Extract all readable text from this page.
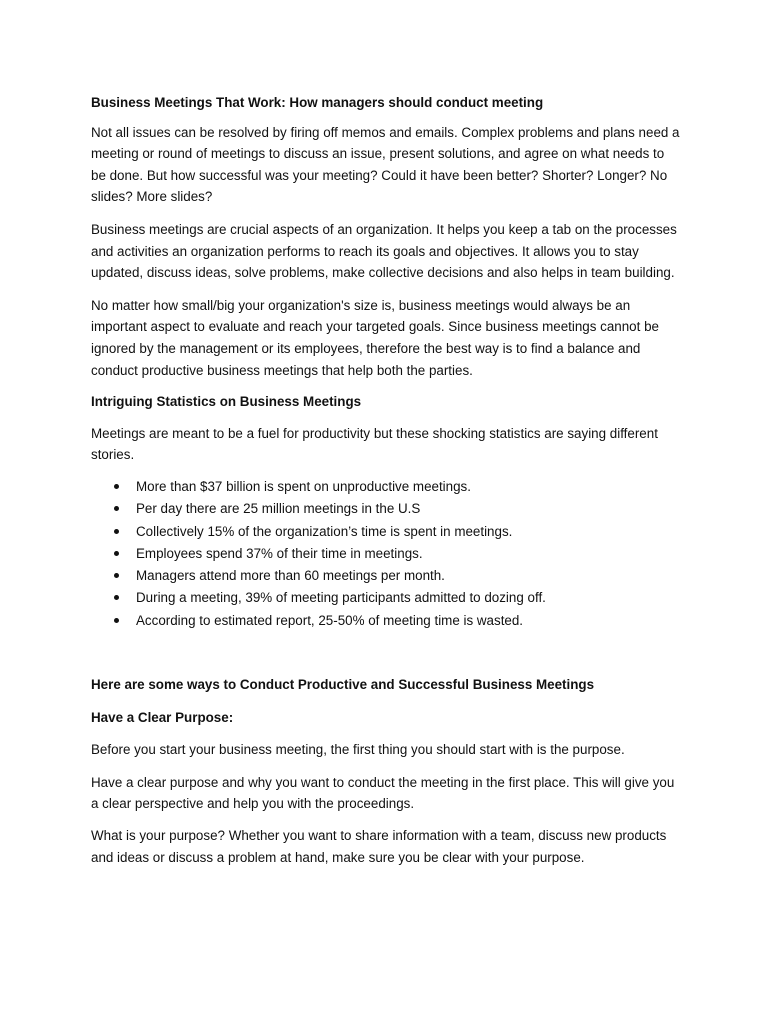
Business Meetings That Work: How managers should conduct meeting

Not all issues can be resolved by firing off memos and emails. Complex problems and plans need a meeting or round of meetings to discuss an issue, present solutions, and agree on what needs to be done. But how successful was your meeting? Could it have been better? Shorter? Longer? No slides? More slides?

Business meetings are crucial aspects of an organization. It helps you keep a tab on the processes and activities an organization performs to reach its goals and objectives. It allows you to stay updated, discuss ideas, solve problems, make collective decisions and also helps in team building.

No matter how small/big your organization's size is, business meetings would always be an important aspect to evaluate and reach your targeted goals. Since business meetings cannot be ignored by the management or its employees, therefore the best way is to find a balance and conduct productive business meetings that help both the parties.

Intriguing Statistics on Business Meetings

Meetings are meant to be a fuel for productivity but these shocking statistics are saying different stories.

More than $37 billion is spent on unproductive meetings.
Per day there are 25 million meetings in the U.S
Collectively 15% of the organization’s time is spent in meetings.
Employees spend 37% of their time in meetings.
Managers attend more than 60 meetings per month.
During a meeting, 39% of meeting participants admitted to dozing off.
According to estimated report, 25-50% of meeting time is wasted.
Here are some ways to Conduct Productive and Successful Business Meetings
Have a Clear Purpose:

Before you start your business meeting, the first thing you should start with is the purpose.

Have a clear purpose and why you want to conduct the meeting in the first place. This will give you a clear perspective and help you with the proceedings.

What is your purpose? Whether you want to share information with a team, discuss new products and ideas or discuss a problem at hand, make sure you be clear with your purpose.
